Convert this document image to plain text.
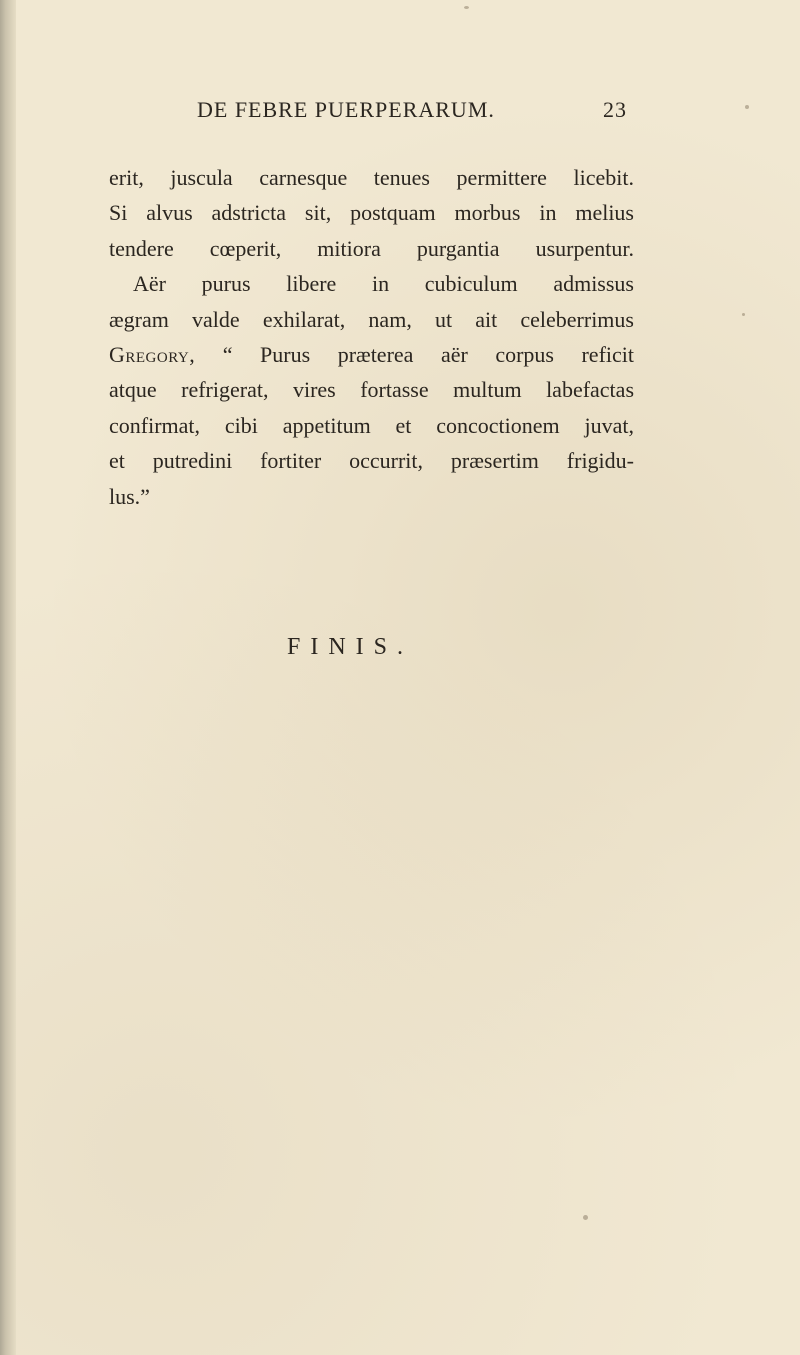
DE FEBRE PUERPERARUM.	23
erit, juscula carnesque tenues permittere licebit.
Si alvus adstricta sit, postquam morbus in melius
tendere cœperit, mitiora purgantia usurpentur.
Aër purus libere in cubiculum admissus
ægram valde exhilarat, nam, ut ait celeberrimus
Gregory, “ Purus præterea aër corpus reficit
atque refrigerat, vires fortasse multum labefactas
confirmat, cibi appetitum et concoctionem juvat,
et putredini fortiter occurrit, præsertim frigidu-
lus.”
FINIS.
